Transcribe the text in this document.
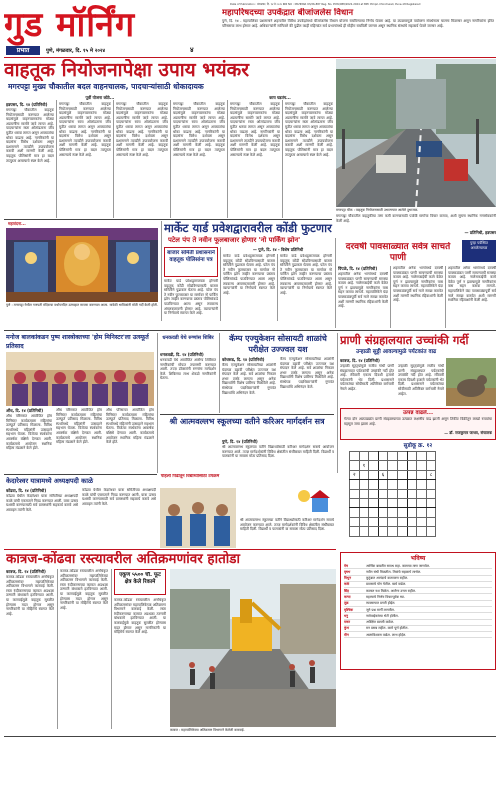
Date of Publication : मंगळवार, दि. १४ मे २०२४ RNI NO : MAHMAR 93/26-887 Reg. No. PCW/088/2022-2024 at BPC Pimpri-Chinchwad, Pune-18 Registered
गुड मॉर्निंग
प्रभात	पुणे, मंगळवार, दि. १५ मे २०२४	४
महापरिषदच्या उपकेंद्रात बीजांजलेस विधान
पुणे, दि. १४ - महापालिका प्रशासनाने शहरातील विविध उपकेंद्रांमध्ये बीजांजलेस विधान योजना राबविण्याचा निर्णय घेतला आहे. या उपक्रमामुळे पर्यावरण संवर्धनाला चालना मिळणार असून नागरिकांना हरित परिसराचा लाभ होणार आहे. अधिकाऱ्यांनी सांगितले की पुढील काही महिन्यांत सर्व प्रभागांमध्ये ही मोहीम राबविली जाणार असून स्थानिक संस्थांचे सहकार्य घेतले जाणार आहे.
वाहतूक नियोजनापेक्षा उपाय भयंकर
मगरपट्टा मुख्य चौकातील बदल वाहनचालक, पादचाऱ्यांसाठी धोकादायक
पूर्वी योजना कोठे...	काय घडतंय...
हडपसर, दि. १४ (प्रतिनिधी)
मगरपट्टा चौकातील वाहतूक नियोजनासाठी करण्यात आलेल्या बदलांमुळे वाहनचालकांना मोठ्या अडचणींना सामोरे जावे लागत आहे. पादचाऱ्यांना रस्ता ओलांडताना जीव मुठीत धरावा लागत असून अपघातांचा धोका वाढला आहे. नागरिकांनी या बदलांना विरोध दर्शवला असून प्रशासनाने तातडीने उपाययोजना करावी अशी मागणी केली आहे. वाहतूक पोलिसांनी मात्र हा बदल तात्पुरता असल्याचे स्पष्ट केले आहे.
मगरपट्टा चौकातील वाहतूक नियोजनासाठी करण्यात आलेल्या बदलांमुळे वाहनचालकांना मोठ्या अडचणींना सामोरे जावे लागत आहे. पादचाऱ्यांना रस्ता ओलांडताना जीव मुठीत धरावा लागत असून अपघातांचा धोका वाढला आहे. नागरिकांनी या बदलांना विरोध दर्शवला असून प्रशासनाने तातडीने उपाययोजना करावी अशी मागणी केली आहे. वाहतूक पोलिसांनी मात्र हा बदल तात्पुरता असल्याचे स्पष्ट केले आहे.
मगरपट्टा चौकातील वाहतूक नियोजनासाठी करण्यात आलेल्या बदलांमुळे वाहनचालकांना मोठ्या अडचणींना सामोरे जावे लागत आहे. पादचाऱ्यांना रस्ता ओलांडताना जीव मुठीत धरावा लागत असून अपघातांचा धोका वाढला आहे. नागरिकांनी या बदलांना विरोध दर्शवला असून प्रशासनाने तातडीने उपाययोजना करावी अशी मागणी केली आहे. वाहतूक पोलिसांनी मात्र हा बदल तात्पुरता असल्याचे स्पष्ट केले आहे.
मगरपट्टा चौकातील वाहतूक नियोजनासाठी करण्यात आलेल्या बदलांमुळे वाहनचालकांना मोठ्या अडचणींना सामोरे जावे लागत आहे. पादचाऱ्यांना रस्ता ओलांडताना जीव मुठीत धरावा लागत असून अपघातांचा धोका वाढला आहे. नागरिकांनी या बदलांना विरोध दर्शवला असून प्रशासनाने तातडीने उपाययोजना करावी अशी मागणी केली आहे. वाहतूक पोलिसांनी मात्र हा बदल तात्पुरता असल्याचे स्पष्ट केले आहे.
मगरपट्टा चौकातील वाहतूक नियोजनासाठी करण्यात आलेल्या बदलांमुळे वाहनचालकांना मोठ्या अडचणींना सामोरे जावे लागत आहे. पादचाऱ्यांना रस्ता ओलांडताना जीव मुठीत धरावा लागत असून अपघातांचा धोका वाढला आहे. नागरिकांनी या बदलांना विरोध दर्शवला असून प्रशासनाने तातडीने उपाययोजना करावी अशी मागणी केली आहे. वाहतूक पोलिसांनी मात्र हा बदल तात्पुरता असल्याचे स्पष्ट केले आहे.
मगरपट्टा चौकातील वाहतूक नियोजनासाठी करण्यात आलेल्या बदलांमुळे वाहनचालकांना मोठ्या अडचणींना सामोरे जावे लागत आहे. पादचाऱ्यांना रस्ता ओलांडताना जीव मुठीत धरावा लागत असून अपघातांचा धोका वाढला आहे. नागरिकांनी या बदलांना विरोध दर्शवला असून प्रशासनाने तातडीने उपाययोजना करावी अशी मागणी केली आहे. वाहतूक पोलिसांनी मात्र हा बदल तात्पुरता असल्याचे स्पष्ट केले आहे.
मगरपट्टा चौक : वाहतूक नियोजनासाठी उभारण्यात आलेले दुभाजक.
मगरपट्टा चौकातील वाहतुकीचा ताण कमी करण्यासाठी पर्यायी मार्गांचा विचार करावा, अशी सूचना स्थानिक नगरसेवकांनी केली आहे.
— प्रतिनिधी, हडपसर
महावंदना...
पुणे : मगरपट्टा येथील गणपती मंदिराचा वर्धापनदिन उत्साहात साजरा करण्यात आला. यावेळी भाविकांनी मोठी गर्दी केली होती.
मार्केट यार्ड प्रवेशद्वारावरील कोंडी फुटणार
पटेल पंप ते नवीन फूलबाजार होणार 'नो पार्किंग झोन'
बाजार समिती प्रशासनाने वाहतूक पोलिसांना पत्र
मार्केट यार्ड प्रवेशद्वाराजवळ होणारी वाहतूक कोंडी सोडविण्यासाठी बाजार समितीने पुढाकार घेतला आहे. पटेल पंप ते नवीन फूलबाजार या मार्गावर नो पार्किंग झोन जाहीर करण्याचा प्रस्ताव पोलिसांकडे पाठविण्यात आला असून लवकरच अंमलबजावणी होणार आहे. व्यापाऱ्यांनी या निर्णयाचे स्वागत केले आहे.
— पुणे, दि. १४ - विशेष प्रतिनिधी
मार्केट यार्ड प्रवेशद्वाराजवळ होणारी वाहतूक कोंडी सोडविण्यासाठी बाजार समितीने पुढाकार घेतला आहे. पटेल पंप ते नवीन फूलबाजार या मार्गावर नो पार्किंग झोन जाहीर करण्याचा प्रस्ताव पोलिसांकडे पाठविण्यात आला असून लवकरच अंमलबजावणी होणार आहे. व्यापाऱ्यांनी या निर्णयाचे स्वागत केले आहे.
मार्केट यार्ड प्रवेशद्वाराजवळ होणारी वाहतूक कोंडी सोडविण्यासाठी बाजार समितीने पुढाकार घेतला आहे. पटेल पंप ते नवीन फूलबाजार या मार्गावर नो पार्किंग झोन जाहीर करण्याचा प्रस्ताव पोलिसांकडे पाठविण्यात आला असून लवकरच अंमलबजावणी होणार आहे. व्यापाऱ्यांनी या निर्णयाचे स्वागत केले आहे.
दरवर्षी पावसाळ्यात सर्वत्र साचते पाणी
पुन्हा पर्यंस्थित असलेल्याच्या
पिंपळे, दि. १४ (प्रतिनिधी)
शहरातील अनेक भागांमध्ये दरवर्षी पावसाळ्यात पाणी साचण्याची समस्या कायम आहे. नालेसफाईची कामे वेळेत पूर्ण न झाल्यामुळे नागरिकांना त्रास सहन करावा लागतो. महापालिकेने यंदा पावसाळ्यापूर्वी सर्व नाले स्वच्छ करावेत अशी मागणी स्थानिक रहिवाशांनी केली आहे.
शहरातील अनेक भागांमध्ये दरवर्षी पावसाळ्यात पाणी साचण्याची समस्या कायम आहे. नालेसफाईची कामे वेळेत पूर्ण न झाल्यामुळे नागरिकांना त्रास सहन करावा लागतो. महापालिकेने यंदा पावसाळ्यापूर्वी सर्व नाले स्वच्छ करावेत अशी मागणी स्थानिक रहिवाशांनी केली आहे.
शहरातील अनेक भागांमध्ये दरवर्षी पावसाळ्यात पाणी साचण्याची समस्या कायम आहे. नालेसफाईची कामे वेळेत पूर्ण न झाल्यामुळे नागरिकांना त्रास सहन करावा लागतो. महापालिकेने यंदा पावसाळ्यापूर्वी सर्व नाले स्वच्छ करावेत अशी मागणी स्थानिक रहिवाशांनी केली आहे.
मनोज बालकांकडन पुष्प शास्त्रोक्तच्या 'होम मिनिस्टर'ला उत्स्फूर्त प्रतिसाद
औंध, दि. १४ (प्रतिनिधी)
औंध परिसरात आयोजित होम मिनिस्टर कार्यक्रमाला महिलांचा उत्स्फूर्त प्रतिसाद मिळाला. विविध स्पर्धांमध्ये महिलांनी उत्साहाने सहभाग घेतला. विजेत्या स्पर्धकांना आकर्षक बक्षिसे देण्यात आली. कार्यक्रमाचे आयोजन स्थानिक महिला मंडळाने केले होते.
औंध परिसरात आयोजित होम मिनिस्टर कार्यक्रमाला महिलांचा उत्स्फूर्त प्रतिसाद मिळाला. विविध स्पर्धांमध्ये महिलांनी उत्साहाने सहभाग घेतला. विजेत्या स्पर्धकांना आकर्षक बक्षिसे देण्यात आली. कार्यक्रमाचे आयोजन स्थानिक महिला मंडळाने केले होते.
औंध परिसरात आयोजित होम मिनिस्टर कार्यक्रमाला महिलांचा उत्स्फूर्त प्रतिसाद मिळाला. विविध स्पर्धांमध्ये महिलांनी उत्साहाने सहभाग घेतला. विजेत्या स्पर्धकांना आकर्षक बक्षिसे देण्यात आली. कार्यक्रमाचे आयोजन स्थानिक महिला मंडळाने केले होते.
धनकवडी येथे रुग्णांस शिबिर
धनकवडी, दि. १४ (प्रतिनिधी)
धनकवडी येथे आयोजित आरोग्य शिबिरात नागरिकांची मोफत तपासणी करण्यात आली. तज्ज्ञ डॉक्टरांनी रुग्णांना मार्गदर्शन केले. शिबिराचा लाभ शेकडो नागरिकांनी घेतला.
कॅम्प एज्युकेशन सोसायटी शाळांचे परीक्षेत उज्ज्वल यश
कोथरूड, दि. १४ (प्रतिनिधी)
कॅम्प एज्युकेशन सोसायटीच्या शाळांनी यंदाच्या दहावी परीक्षेत उज्ज्वल यश संपादन केले आहे. सर्व शाळांचा निकाल शंभर टक्के लागला असून अनेक विद्यार्थ्यांनी विशेष प्राविण्य मिळविले आहे. संस्थेच्या पदाधिकाऱ्यांनी गुणवंत विद्यार्थ्यांचे अभिनंदन केले.
कॅम्प एज्युकेशन सोसायटीच्या शाळांनी यंदाच्या दहावी परीक्षेत उज्ज्वल यश संपादन केले आहे. सर्व शाळांचा निकाल शंभर टक्के लागला असून अनेक विद्यार्थ्यांनी विशेष प्राविण्य मिळविले आहे. संस्थेच्या पदाधिकाऱ्यांनी गुणवंत विद्यार्थ्यांचे अभिनंदन केले.
श्री आत्मवल्लभ स्कूलच्या वतीने करिअर मार्गदर्शन सत्र
पुणे, दि. १४ (प्रतिनिधी)
श्री आत्मवल्लभ स्कूलच्या वतीने विद्यार्थ्यांसाठी करिअर मार्गदर्शन सत्राचे आयोजन करण्यात आले. तज्ज्ञ मार्गदर्शकांनी विविध क्षेत्रांतील संधींबाबत माहिती दिली. विद्यार्थी व पालकांनी या सत्राला मोठा प्रतिसाद दिला.
पहिली पिढीतून विद्यार्थ्यांसाठी उपक्रम
श्री आत्मवल्लभ स्कूलच्या वतीने विद्यार्थ्यांसाठी करिअर मार्गदर्शन सत्राचे आयोजन करण्यात आले. तज्ज्ञ मार्गदर्शकांनी विविध क्षेत्रांतील संधींबाबत माहिती दिली. विद्यार्थी व पालकांनी या सत्राला मोठा प्रतिसाद दिला.
प्राणी संग्रहालयात उच्चांकी गर्दी
उन्हाळी सुट्टी आवल्यामुळे पर्यटकांत वाढ
कात्रज, दि. १४ (प्रतिनिधी)
उन्हाळी सुट्ट्यांमुळे राजीव गांधी प्राणी संग्रहालयात पर्यटकांची उच्चांकी गर्दी होत आहे. रविवारी एकाच दिवशी हजारो पर्यटकांनी भेट दिली. प्रशासनाने पर्यटकांच्या सोयीसाठी अतिरिक्त कर्मचारी नेमले आहेत.
उन्हाळी सुट्ट्यांमुळे राजीव गांधी प्राणी संग्रहालयात पर्यटकांची उच्चांकी गर्दी होत आहे. रविवारी एकाच दिवशी हजारो पर्यटकांनी भेट दिली. प्रशासनाने पर्यटकांच्या सोयीसाठी अतिरिक्त कर्मचारी नेमले आहेत.
उत्पन्न वाढले...
गेल्या दोन आठवड्यांत प्राणी संग्रहालयाच्या उत्पन्नात लक्षणीय वाढ झाली असून तिकीट विक्रीतून लाखो रुपयांचा महसूल जमा झाला आहे.
— डॉ. राजकुमार जाधव, संचालक
सुडोकू क्र. १२

	१							
२			६					८

केदारेश्वर यात्रामध्ये अध्यक्षपदी काळे
कोंढवा, दि. १४ (प्रतिनिधी)
कोंढवा येथील केदारेश्वर यात्रा समितीच्या अध्यक्षपदी काळे यांची एकमताने निवड करण्यात आली. यात्रा उत्सव यशस्वी करण्यासाठी सर्व ग्रामस्थांनी सहकार्य करावे असे आवाहन त्यांनी केले.
कोंढवा येथील केदारेश्वर यात्रा समितीच्या अध्यक्षपदी काळे यांची एकमताने निवड करण्यात आली. यात्रा उत्सव यशस्वी करण्यासाठी सर्व ग्रामस्थांनी सहकार्य करावे असे आवाहन त्यांनी केले.
भविष्य
मेष	आर्थिक बाबतीत सावध राहा. कामाचा ताण जाणवेल.
वृषभ	नवीन संधी मिळतील. मित्रांचे सहकार्य लाभेल.
मिथुन	कुटुंबात आनंदाचे वातावरण राहील.
कर्क	प्रवासाचे योग येतील. खर्च वाढेल.
सिंह	कामात यश मिळेल. आरोग्य उत्तम राहील.
कन्या	महत्त्वाचे निर्णय विचारपूर्वक घ्या.
तूळ	व्यवसायात प्रगती होईल.
वृश्चिक	जुने प्रश्न मार्गी लागतील.
धनु	नातेवाईकांच्या भेटी होतील.
मकर	अपेक्षित बातमी कळेल.
कुंभ	मन प्रसन्न राहील. कामे पूर्ण होतील.
मीन	आत्मविश्वास वाढेल. लाभ होईल.
कात्रज-कोंढवा रस्त्यावरील अतिक्रमणांवर हातोडा
कात्रज, दि. १४ (प्रतिनिधी)
कात्रज-कोंढवा रस्त्यावरील अनधिकृत अतिक्रमणांवर महापालिकेच्या अतिक्रमण विभागाने कारवाई केली. रस्ता रुंदीकरणाच्या कामात अडथळा ठरणारी बांधकामे हटविण्यात आली. या कारवाईमुळे वाहतूक सुरळीत होण्यास मदत होणार असून नागरिकांनी या मोहिमेचे स्वागत केले आहे.
कात्रज-कोंढवा रस्त्यावरील अनधिकृत अतिक्रमणांवर महापालिकेच्या अतिक्रमण विभागाने कारवाई केली. रस्ता रुंदीकरणाच्या कामात अडथळा ठरणारी बांधकामे हटविण्यात आली. या कारवाईमुळे वाहतूक सुरळीत होण्यास मदत होणार असून नागरिकांनी या मोहिमेचे स्वागत केले आहे.
एकूण ५५०० चौ. फूट क्षेत्र केले रिकामे
कात्रज-कोंढवा रस्त्यावरील अनधिकृत अतिक्रमणांवर महापालिकेच्या अतिक्रमण विभागाने कारवाई केली. रस्ता रुंदीकरणाच्या कामात अडथळा ठरणारी बांधकामे हटविण्यात आली. या कारवाईमुळे वाहतूक सुरळीत होण्यास मदत होणार असून नागरिकांनी या मोहिमेचे स्वागत केले आहे.
कात्रज : महापालिकेच्या अतिक्रमण विभागाने केलेली कारवाई.
